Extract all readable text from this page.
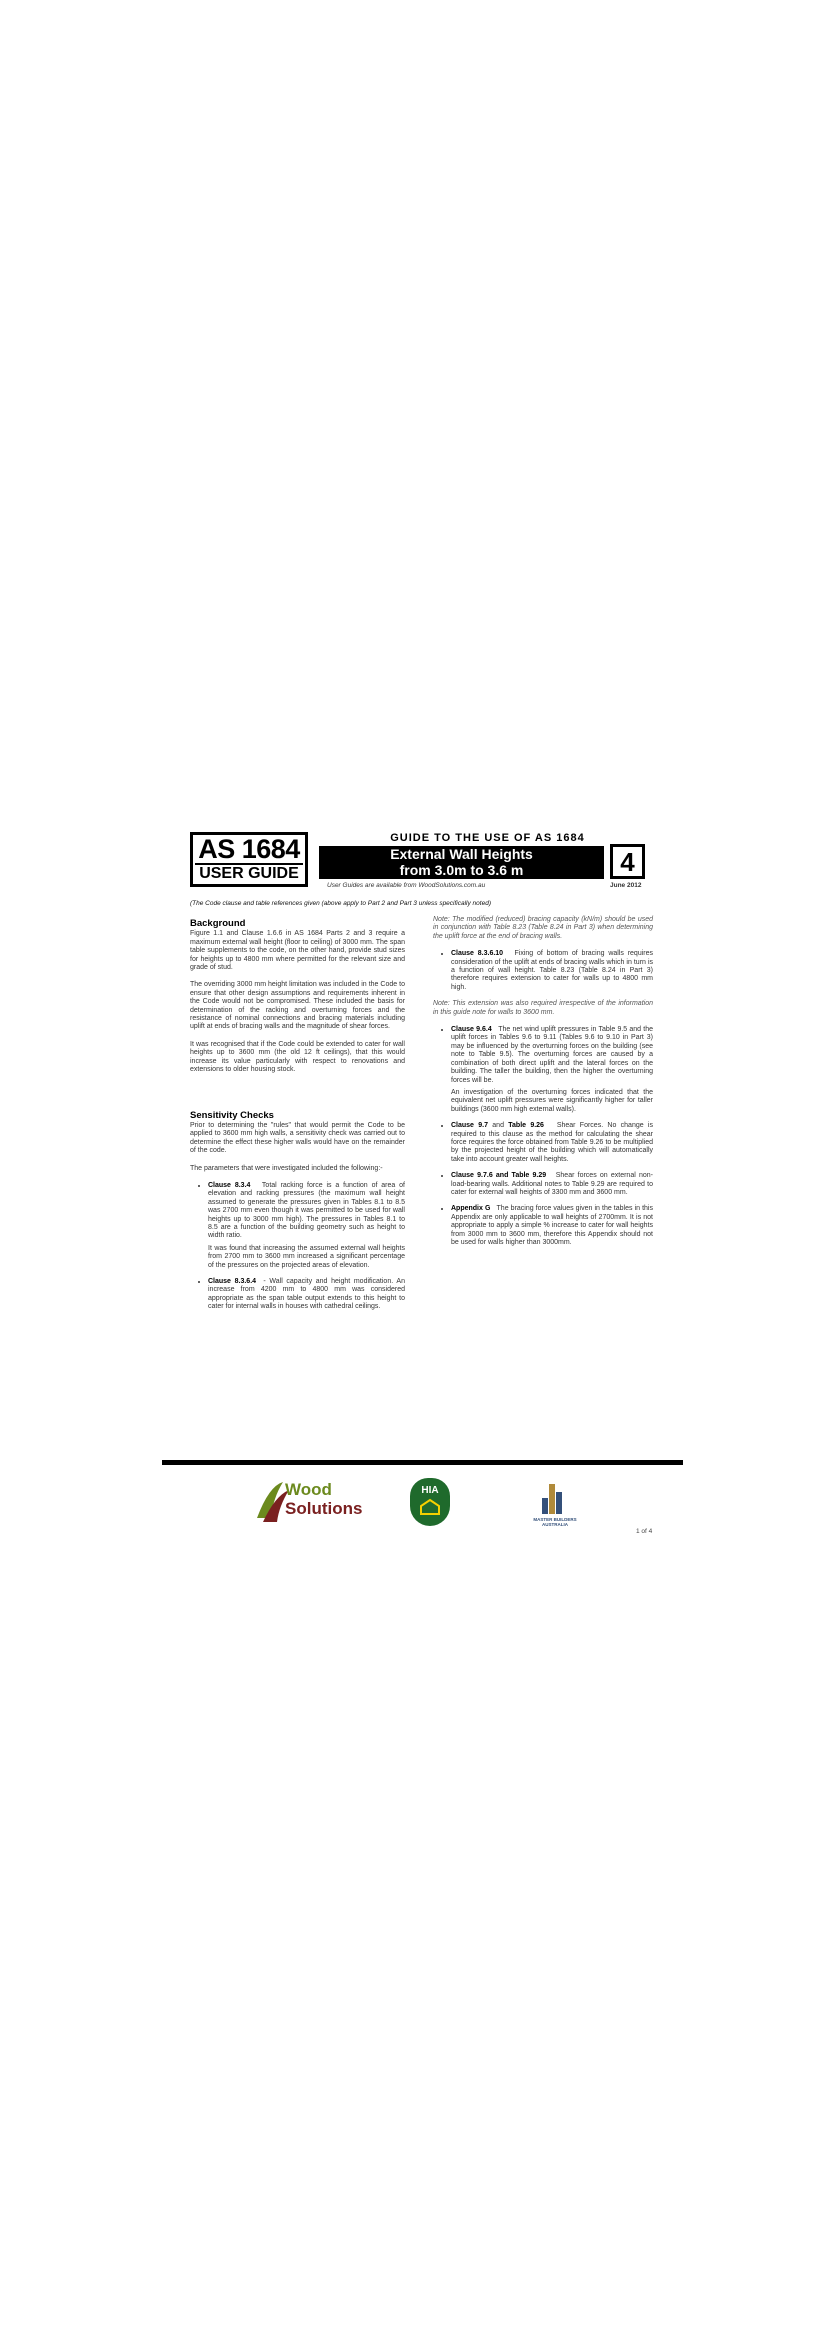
AS 1684
USER GUIDE
GUIDE TO THE USE OF AS 1684
External Wall Heights
from 3.0m to 3.6 m	4
User Guides are available from WoodSolutions.com.au	June 2012
(The Code clause and table references given (above apply to Part 2 and Part 3 unless specifically noted)
Background

Figure 1.1 and Clause 1.6.6 in AS 1684 Parts 2 and 3 require a maximum external wall height (floor to ceiling) of 3000 mm. The span table supplements to the code, on the other hand, provide stud sizes for heights up to 4800 mm where permitted for the relevant size and grade of stud.

The overriding 3000 mm height limitation was included in the Code to ensure that other design assumptions and requirements inherent in the Code would not be compromised. These included the basis for determination of the racking and overturning forces and the resistance of nominal connections and bracing materials including uplift at ends of bracing walls and the magnitude of shear forces.

It was recognised that if the Code could be extended to cater for wall heights up to 3600 mm (the old 12 ft ceilings), that this would increase its value particularly with respect to renovations and extensions to older housing stock.

Sensitivity Checks

Prior to determining the "rules" that would permit the Code to be applied to 3600 mm high walls, a sensitivity check was carried out to determine the effect these higher walls would have on the remainder of the code.

The parameters that were investigated included the following:-

• Clause 8.3.4 Total racking force is a function of area of elevation and racking pressures (the maximum wall height assumed to generate the pressures given in Tables 8.1 to 8.5 was 2700 mm even though it was permitted to be used for wall heights up to 3000 mm high). The pressures in Tables 8.1 to 8.5 are a function of the building geometry such as height to width ratio.
It was found that increasing the assumed external wall heights from 2700 mm to 3600 mm increased a significant percentage of the pressures on the projected areas of elevation.
• Clause 8.3.6.4 - Wall capacity and height modification. An increase from 4200 mm to 4800 mm was considered appropriate as the span table output extends to this height to cater for internal walls in houses with cathedral ceilings.

Note: The modified (reduced) bracing capacity (kN/m) should be used in conjunction with Table 8.23 (Table 8.24 in Part 3) when determining the uplift force at the end of bracing walls.

• Clause 8.3.6.10 Fixing of bottom of bracing walls requires consideration of the uplift at ends of bracing walls which in turn is a function of wall height. Table 8.23 (Table 8.24 in Part 3) therefore requires extension to cater for walls up to 4800 mm high.

Note: This extension was also required irrespective of the information in this guide note for walls to 3600 mm.

• Clause 9.6.4 The net wind uplift pressures in Table 9.5 and the uplift forces in Tables 9.6 to 9.11 (Tables 9.6 to 9.10 in Part 3) may be influenced by the overturning forces on the building (see note to Table 9.5). The overturning forces are caused by a combination of both direct uplift and the lateral forces on the building. The taller the building, then the higher the overturning forces will be.
An investigation of the overturning forces indicated that the equivalent net uplift pressures were significantly higher for taller buildings (3600 mm high external walls).
• Clause 9.7 and Table 9.26 Shear Forces. No change is required to this clause as the method for calculating the shear force requires the force obtained from Table 9.26 to be multiplied by the projected height of the building which will automatically take into account greater wall heights.
• Clause 9.7.6 and Table 9.29 Shear forces on external non-load-bearing walls. Additional notes to Table 9.29 are required to cater for external wall heights of 3300 mm and 3600 mm.
• Appendix G The bracing force values given in the tables in this Appendix are only applicable to wall heights of 2700mm. It is not appropriate to apply a simple % increase to cater for wall heights from 3000 mm to 3600 mm, therefore this Appendix should not be used for walls higher than 3000mm.
Wood
Solutions
HIA
MASTER BUILDERS AUSTRALIA
1 of 4
